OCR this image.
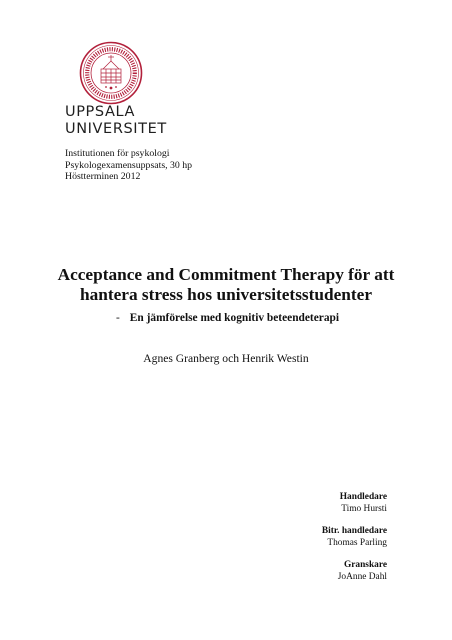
UPPSALA
UNIVERSITET
Institutionen för psykologi
Psykologexamensuppsats, 30 hp
Höstterminen 2012
Acceptance and Commitment Therapy för att
hantera stress hos universitetsstudenter
- En jämförelse med kognitiv beteendeterapi
Agnes Granberg och Henrik Westin
Handledare
Timo Hursti
Bitr. handledare
Thomas Parling
Granskare
JoAnne Dahl
